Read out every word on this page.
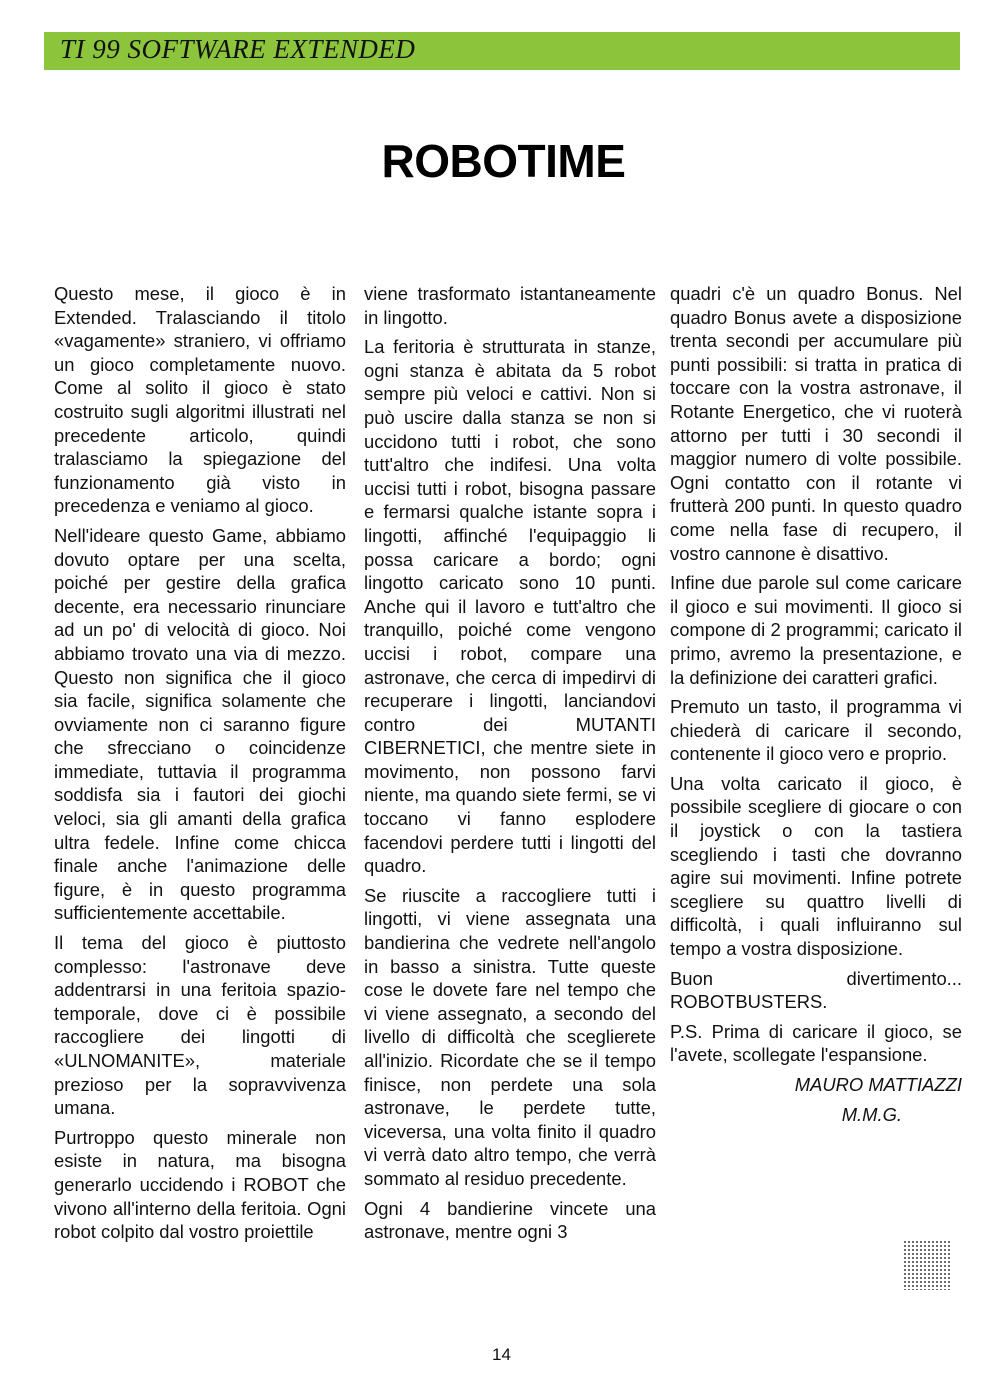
TI 99 SOFTWARE EXTENDED
ROBOTIME

Questo mese, il gioco è in Extended. Tralasciando il titolo «vagamente» straniero, vi offriamo un gioco completamente nuovo. Come al solito il gioco è stato costruito sugli algoritmi illustrati nel precedente articolo, quindi tralasciamo la spiegazione del funzionamento già visto in precedenza e veniamo al gioco.

Nell'ideare questo Game, abbiamo dovuto optare per una scelta, poiché per gestire della grafica decente, era necessario rinunciare ad un po' di velocità di gioco. Noi abbiamo trovato una via di mezzo. Questo non significa che il gioco sia facile, significa solamente che ovviamente non ci saranno figure che sfrecciano o coincidenze immediate, tuttavia il programma soddisfa sia i fautori dei giochi veloci, sia gli amanti della grafica ultra fedele. Infine come chicca finale anche l'animazione delle figure, è in questo programma sufficientemente accettabile.

Il tema del gioco è piuttosto complesso: l'astronave deve addentrarsi in una feritoia spazio-temporale, dove ci è possibile raccogliere dei lingotti di «ULNOMANITE», materiale prezioso per la sopravvivenza umana.

Purtroppo questo minerale non esiste in natura, ma bisogna generarlo uccidendo i ROBOT che vivono all'interno della feritoia. Ogni robot colpito dal vostro proiettile

viene trasformato istantaneamente in lingotto.

La feritoria è strutturata in stanze, ogni stanza è abitata da 5 robot sempre più veloci e cattivi. Non si può uscire dalla stanza se non si uccidono tutti i robot, che sono tutt'altro che indifesi. Una volta uccisi tutti i robot, bisogna passare e fermarsi qualche istante sopra i lingotti, affinché l'equipaggio li possa caricare a bordo; ogni lingotto caricato sono 10 punti. Anche qui il lavoro e tutt'altro che tranquillo, poiché come vengono uccisi i robot, compare una astronave, che cerca di impedirvi di recuperare i lingotti, lanciandovi contro dei MUTANTI CIBERNETICI, che mentre siete in movimento, non possono farvi niente, ma quando siete fermi, se vi toccano vi fanno esplodere facendovi perdere tutti i lingotti del quadro.

Se riuscite a raccogliere tutti i lingotti, vi viene assegnata una bandierina che vedrete nell'angolo in basso a sinistra. Tutte queste cose le dovete fare nel tempo che vi viene assegnato, a secondo del livello di difficoltà che sceglierete all'inizio. Ricordate che se il tempo finisce, non perdete una sola astronave, le perdete tutte, viceversa, una volta finito il quadro vi verrà dato altro tempo, che verrà sommato al residuo precedente.

Ogni 4 bandierine vincete una astronave, mentre ogni 3

quadri c'è un quadro Bonus. Nel quadro Bonus avete a disposizione trenta secondi per accumulare più punti possibili: si tratta in pratica di toccare con la vostra astronave, il Rotante Energetico, che vi ruoterà attorno per tutti i 30 secondi il maggior numero di volte possibile. Ogni contatto con il rotante vi frutterà 200 punti. In questo quadro come nella fase di recupero, il vostro cannone è disattivo.

Infine due parole sul come caricare il gioco e sui movimenti. Il gioco si compone di 2 programmi; caricato il primo, avremo la presentazione, e la definizione dei caratteri grafici.

Premuto un tasto, il programma vi chiederà di caricare il secondo, contenente il gioco vero e proprio.

Una volta caricato il gioco, è possibile scegliere di giocare o con il joystick o con la tastiera scegliendo i tasti che dovranno agire sui movimenti. Infine potrete scegliere su quattro livelli di difficoltà, i quali influiranno sul tempo a vostra disposizione.

Buon divertimento... ROBOTBUSTERS.

P.S. Prima di caricare il gioco, se l'avete, scollegate l'espansione.

MAURO MATTIAZZI

M.M.G.
14
